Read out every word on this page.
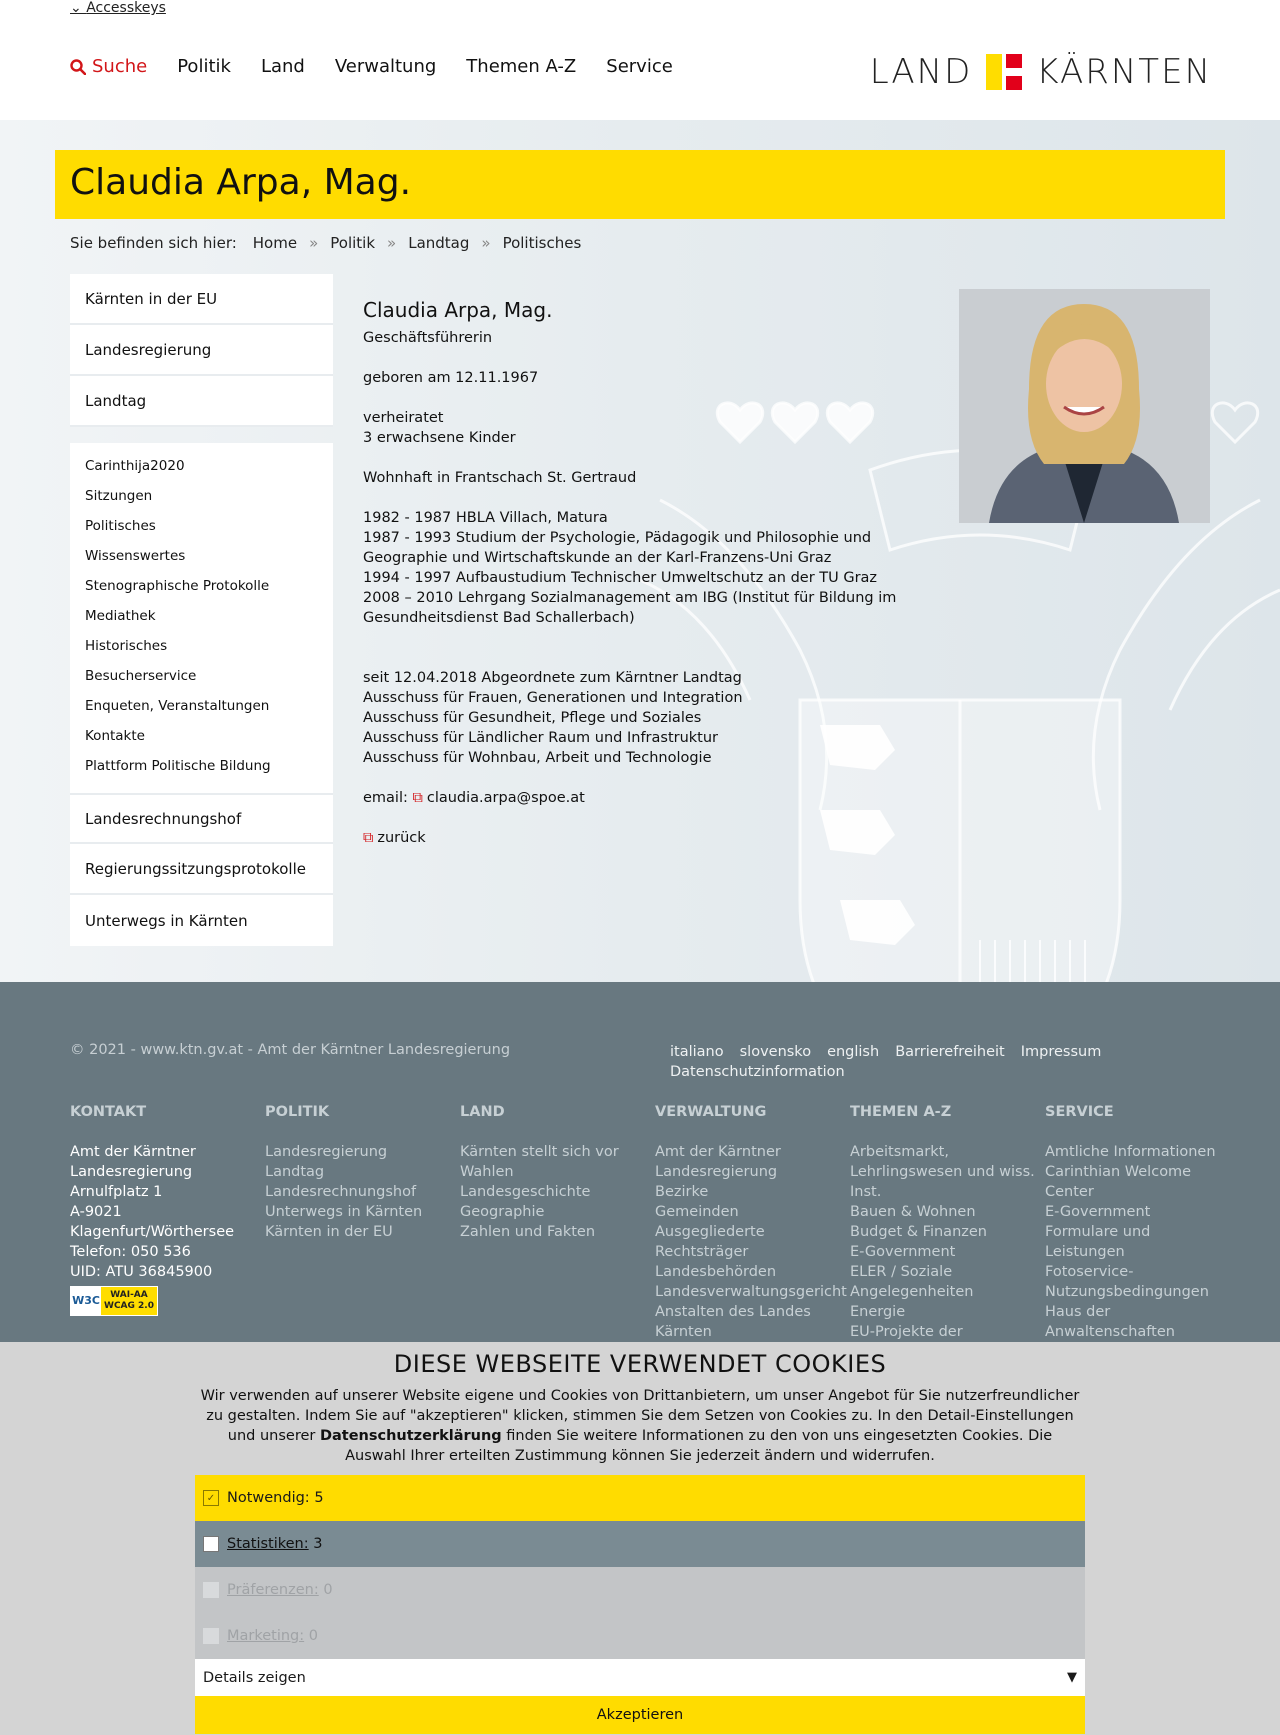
⌄ Accesskeys
Suche Politik Land Verwaltung Themen A-Z Service	LAND KÄRNTEN
Claudia Arpa, Mag.
Sie befinden sich hier: Home » Politik » Landtag » Politisches
Kärnten in der EU
Landesregierung
Landtag
Carinthija2020
Sitzungen
Politisches
Wissenswertes
Stenographische Protokolle
Mediathek
Historisches
Besucherservice
Enqueten, Veranstaltungen
Kontakte
Plattform Politische Bildung
Landesrechnungshof
Regierungssitzungsprotokolle
Unterwegs in Kärnten
Claudia Arpa, Mag.

Geschäftsführerin

geboren am 12.11.1967

verheiratet
3 erwachsene Kinder

Wohnhaft in Frantschach St. Gertraud

1982 - 1987 HBLA Villach, Matura
1987 - 1993 Studium der Psychologie, Pädagogik und Philosophie und Geographie und Wirtschaftskunde an der Karl-Franzens-Uni Graz
1994 - 1997 Aufbaustudium Technischer Umweltschutz an der TU Graz
2008 – 2010 Lehrgang Sozialmanagement am IBG (Institut für Bildung im Gesundheitsdienst Bad Schallerbach)

seit 12.04.2018 Abgeordnete zum Kärntner Landtag
Ausschuss für Frauen, Generationen und Integration
Ausschuss für Gesundheit, Pflege und Soziales
Ausschuss für Ländlicher Raum und Infrastruktur
Ausschuss für Wohnbau, Arbeit und Technologie

email: ⧉ claudia.arpa@spoe.at

⧉ zurück

© 2021 - www.ktn.gv.at - Amt der Kärntner Landesregierung	italiano slovensko english Barrierefreiheit Impressum
Datenschutzinformation
KONTAKT
Amt der Kärntner Landesregierung
Arnulfplatz 1
A-9021 Klagenfurt/Wörthersee
Telefon: 050 536
UID: ATU 36845900
W3C WAI-AA
WCAG 2.0
POLITIK
Landesregierung
Landtag
Landesrechnungshof
Unterwegs in Kärnten
Kärnten in der EU
LAND
Kärnten stellt sich vor
Wahlen
Landesgeschichte
Geographie
Zahlen und Fakten
VERWALTUNG
Amt der Kärntner Landesregierung
Bezirke
Gemeinden
Ausgegliederte Rechtsträger
Landesbehörden
Landesverwaltungsgericht
Anstalten des Landes Kärnten
THEMEN A-Z
Arbeitsmarkt, Lehrlingswesen und wiss. Inst.
Bauen & Wohnen
Budget & Finanzen
E-Government
ELER / Soziale Angelegenheiten
Energie
EU-Projekte der
SERVICE
Amtliche Informationen
Carinthian Welcome Center
E-Government
Formulare und Leistungen
Fotoservice-Nutzungsbedingungen
Haus der Anwaltenschaften
DIESE WEBSEITE VERWENDET COOKIES
Wir verwenden auf unserer Website eigene und Cookies von Drittanbietern, um unser Angebot für Sie nutzerfreundlicher zu gestalten. Indem Sie auf "akzeptieren" klicken, stimmen Sie dem Setzen von Cookies zu. In den Detail-Einstellungen und unserer Datenschutzerklärung finden Sie weitere Informationen zu den von uns eingesetzten Cookies. Die Auswahl Ihrer erteilten Zustimmung können Sie jederzeit ändern und widerrufen.
✓ Notwendig:
5
Statistiken:
3
Präferenzen:
0
Marketing:
0
Details zeigen	▼
Akzeptieren
